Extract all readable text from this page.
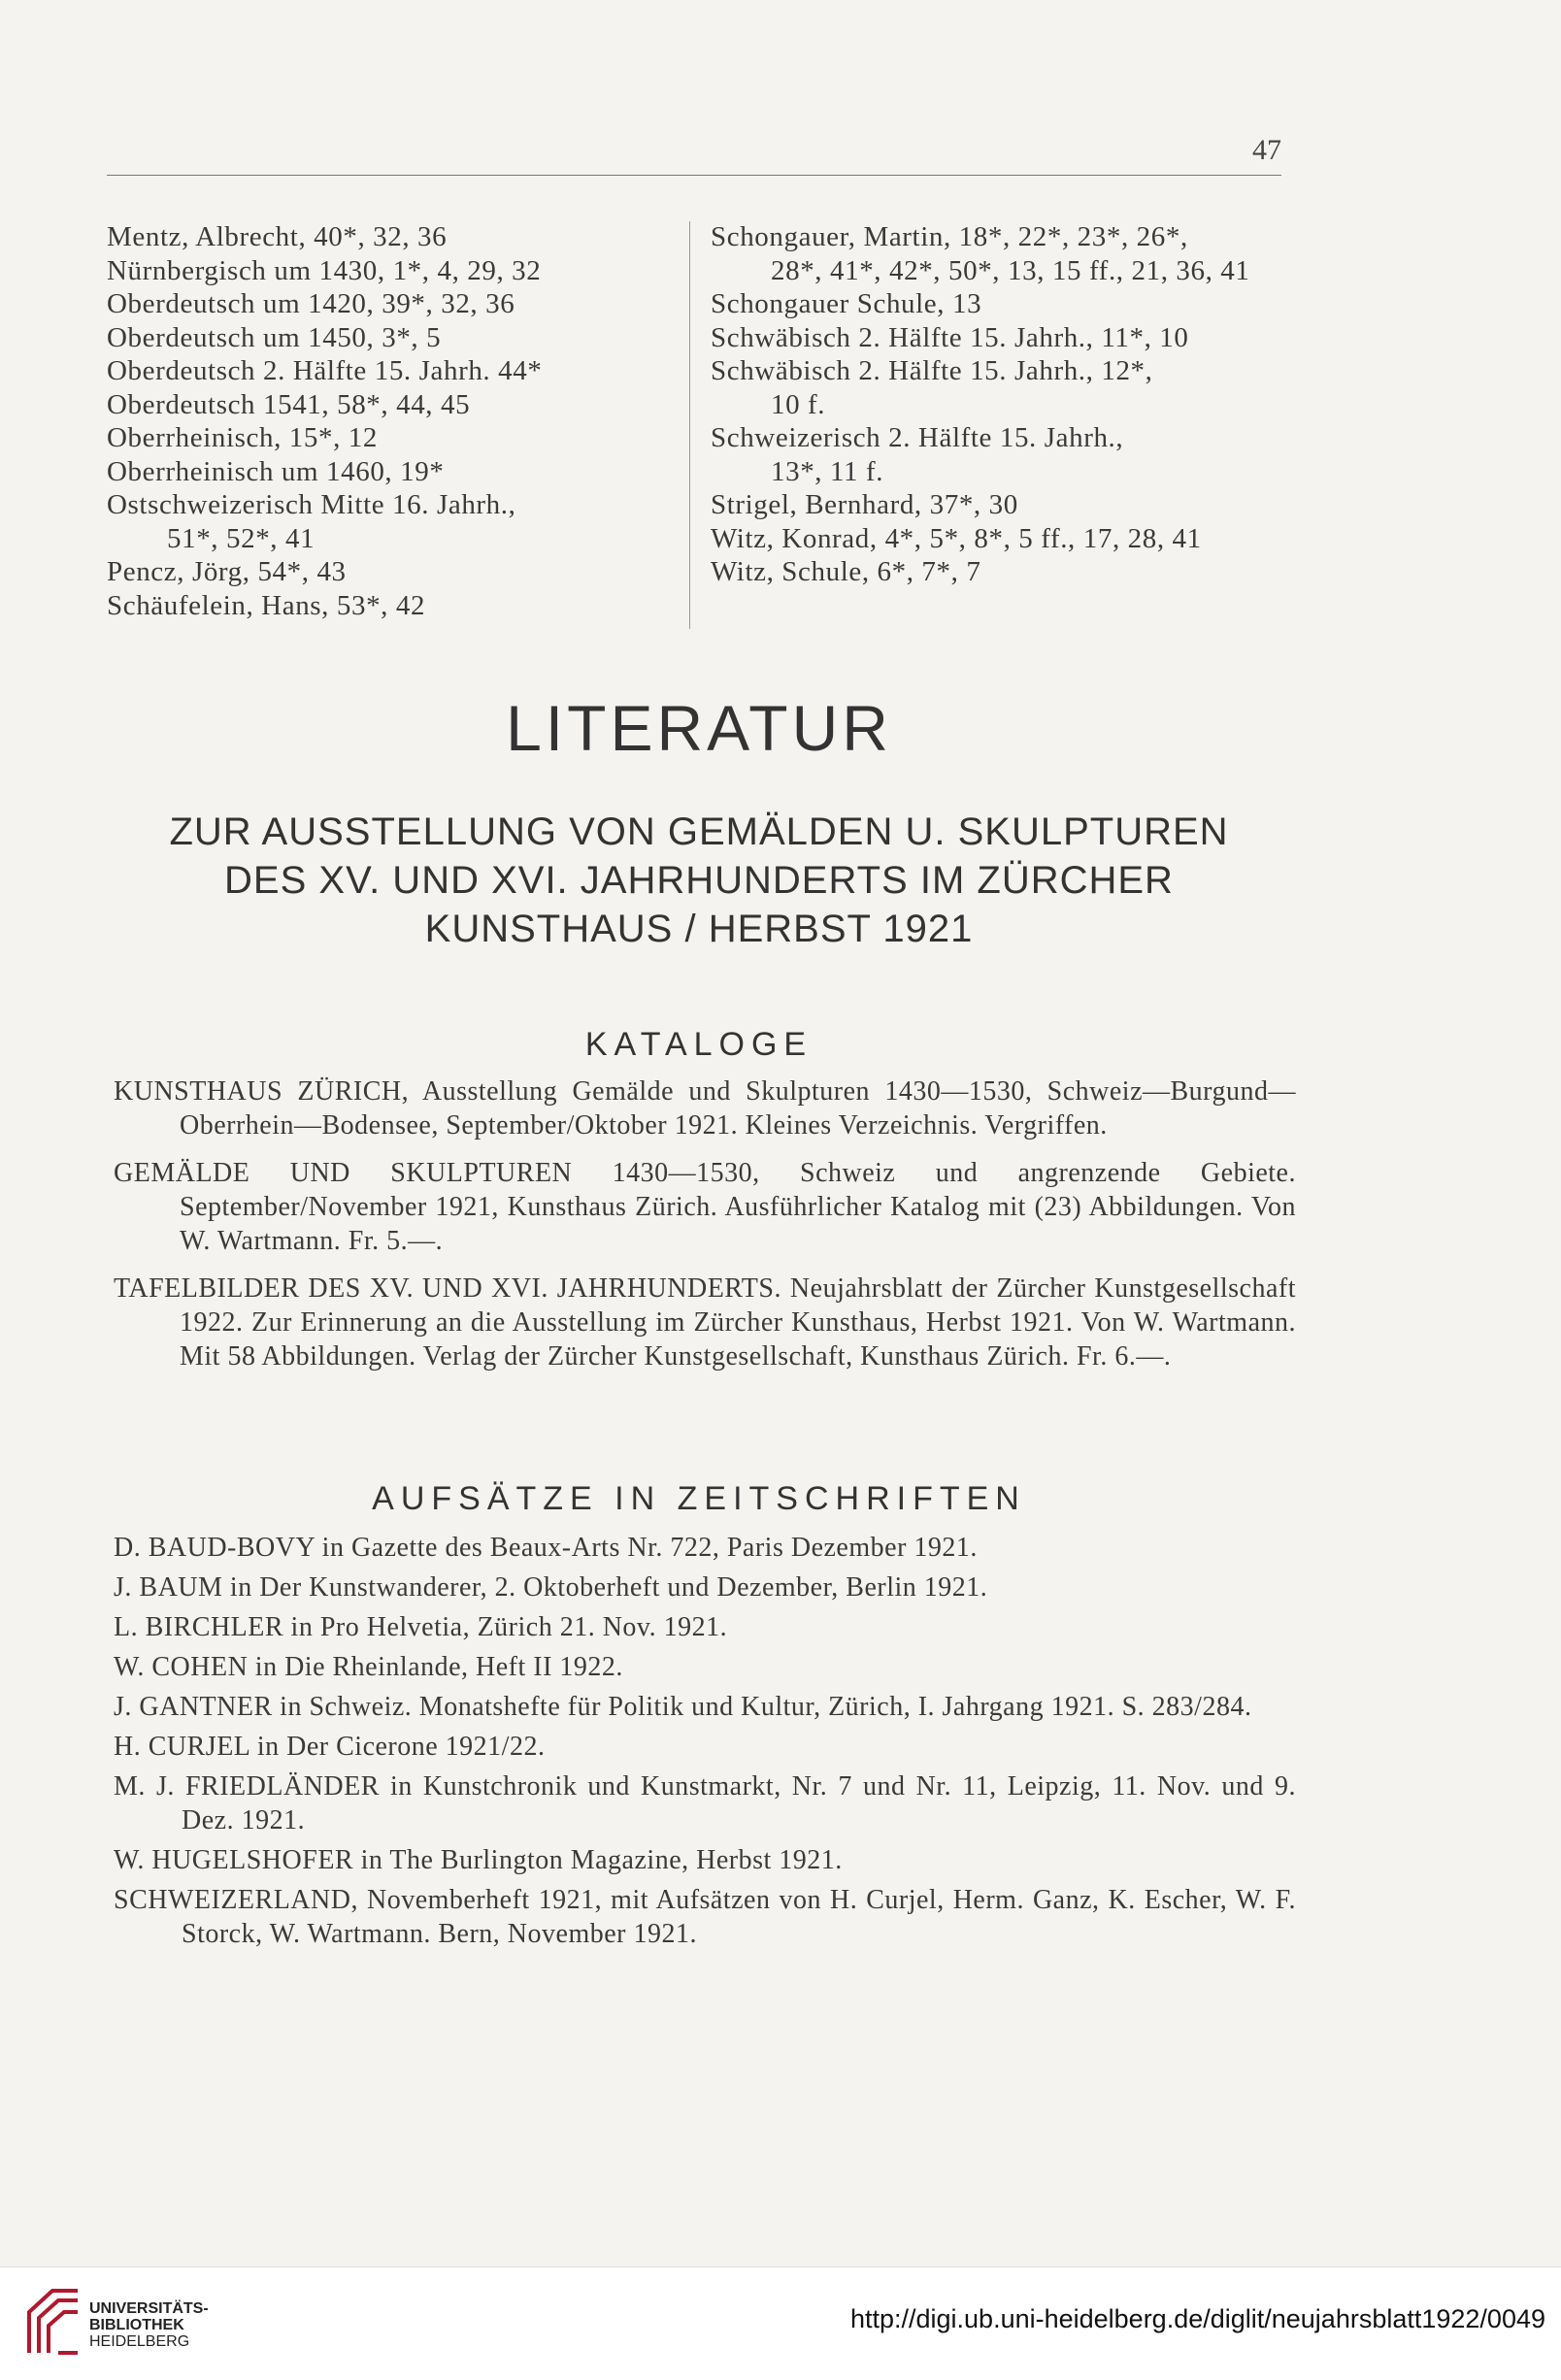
47
Mentz, Albrecht, 40*, 32, 36
Nürnbergisch um 1430, 1*, 4, 29, 32
Oberdeutsch um 1420, 39*, 32, 36
Oberdeutsch um 1450, 3*, 5
Oberdeutsch 2. Hälfte 15. Jahrh. 44*
Oberdeutsch 1541, 58*, 44, 45
Oberrheinisch, 15*, 12
Oberrheinisch um 1460, 19*
Ostschweizerisch Mitte 16. Jahrh.,
51*, 52*, 41
Pencz, Jörg, 54*, 43
Schäufelein, Hans, 53*, 42
Schongauer, Martin, 18*, 22*, 23*, 26*,
28*, 41*, 42*, 50*, 13, 15 ff., 21, 36, 41
Schongauer Schule, 13
Schwäbisch 2. Hälfte 15. Jahrh., 11*, 10
Schwäbisch 2. Hälfte 15. Jahrh., 12*,
10 f.
Schweizerisch 2. Hälfte 15. Jahrh.,
13*, 11 f.
Strigel, Bernhard, 37*, 30
Witz, Konrad, 4*, 5*, 8*, 5 ff., 17, 28, 41
Witz, Schule, 6*, 7*, 7
LITERATUR
ZUR AUSSTELLUNG VON GEMÄLDEN U. SKULPTUREN
DES XV. UND XVI. JAHRHUNDERTS IM ZÜRCHER
KUNSTHAUS / HERBST 1921
KATALOGE
KUNSTHAUS ZÜRICH, Ausstellung Gemälde und Skulpturen 1430—1530, Schweiz—Burgund—Oberrhein—Bodensee, September/Oktober 1921. Kleines Verzeichnis. Vergriffen.
GEMÄLDE UND SKULPTUREN 1430—1530, Schweiz und angrenzende Gebiete. September/November 1921, Kunsthaus Zürich. Ausführlicher Katalog mit (23) Abbildungen. Von W. Wartmann. Fr. 5.—.
TAFELBILDER DES XV. UND XVI. JAHRHUNDERTS. Neujahrsblatt der Zürcher Kunstgesellschaft 1922. Zur Erinnerung an die Ausstellung im Zürcher Kunsthaus, Herbst 1921. Von W. Wartmann. Mit 58 Abbildungen. Verlag der Zürcher Kunstgesellschaft, Kunsthaus Zürich. Fr. 6.—.
AUFSÄTZE IN ZEITSCHRIFTEN
D. BAUD-BOVY in Gazette des Beaux-Arts Nr. 722, Paris Dezember 1921.
J. BAUM in Der Kunstwanderer, 2. Oktoberheft und Dezember, Berlin 1921.
L. BIRCHLER in Pro Helvetia, Zürich 21. Nov. 1921.
W. COHEN in Die Rheinlande, Heft II 1922.
J. GANTNER in Schweiz. Monatshefte für Politik und Kultur, Zürich, I. Jahrgang 1921. S. 283/284.
H. CURJEL in Der Cicerone 1921/22.
M. J. FRIEDLÄNDER in Kunstchronik und Kunstmarkt, Nr. 7 und Nr. 11, Leipzig, 11. Nov. und 9. Dez. 1921.
W. HUGELSHOFER in The Burlington Magazine, Herbst 1921.
SCHWEIZERLAND, Novemberheft 1921, mit Aufsätzen von H. Curjel, Herm. Ganz, K. Escher, W. F. Storck, W. Wartmann. Bern, November 1921.
UNIVERSITÄTS-
BIBLIOTHEK
HEIDELBERG
http://digi.ub.uni-heidelberg.de/diglit/neujahrsblatt1922/0049
